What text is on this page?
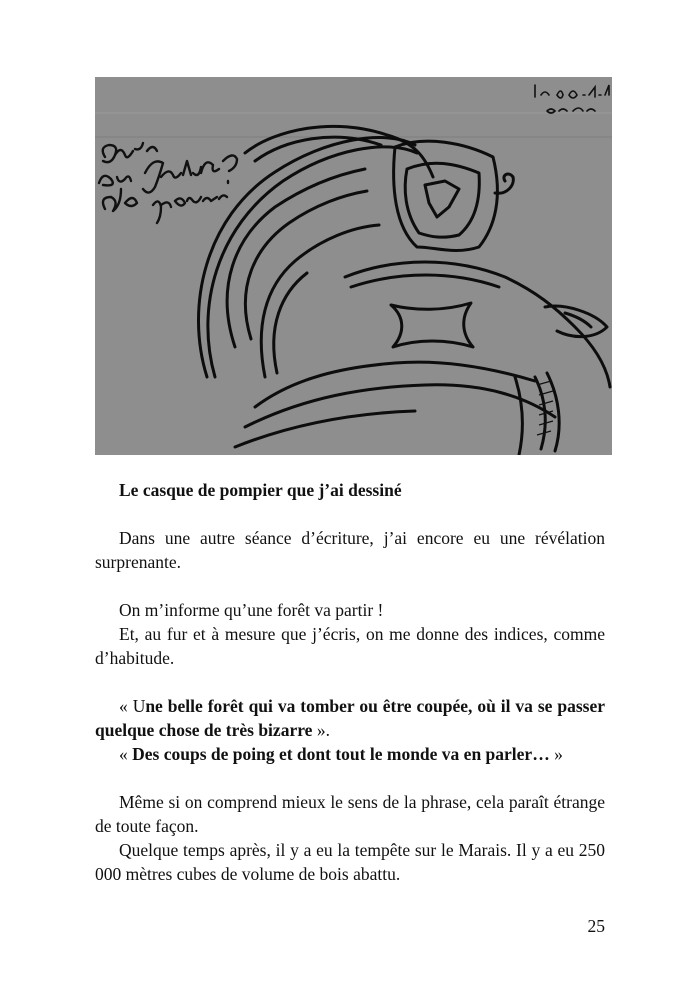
Le casque de pompier que j’ai dessiné

Dans une autre séance d’écriture, j’ai encore eu une révélation surprenante.

On m’informe qu’une forêt va partir !

Et, au fur et à mesure que j’écris, on me donne des indices, comme d’habitude.

« Une belle forêt qui va tomber ou être coupée, où il va se passer quelque chose de très bizarre ».

« Des coups de poing et dont tout le monde va en parler… »

Même si on comprend mieux le sens de la phrase, cela paraît étrange de toute façon.

Quelque temps après, il y a eu la tempête sur le Marais. Il y a eu 250 000 mètres cubes de volume de bois abattu.

25
